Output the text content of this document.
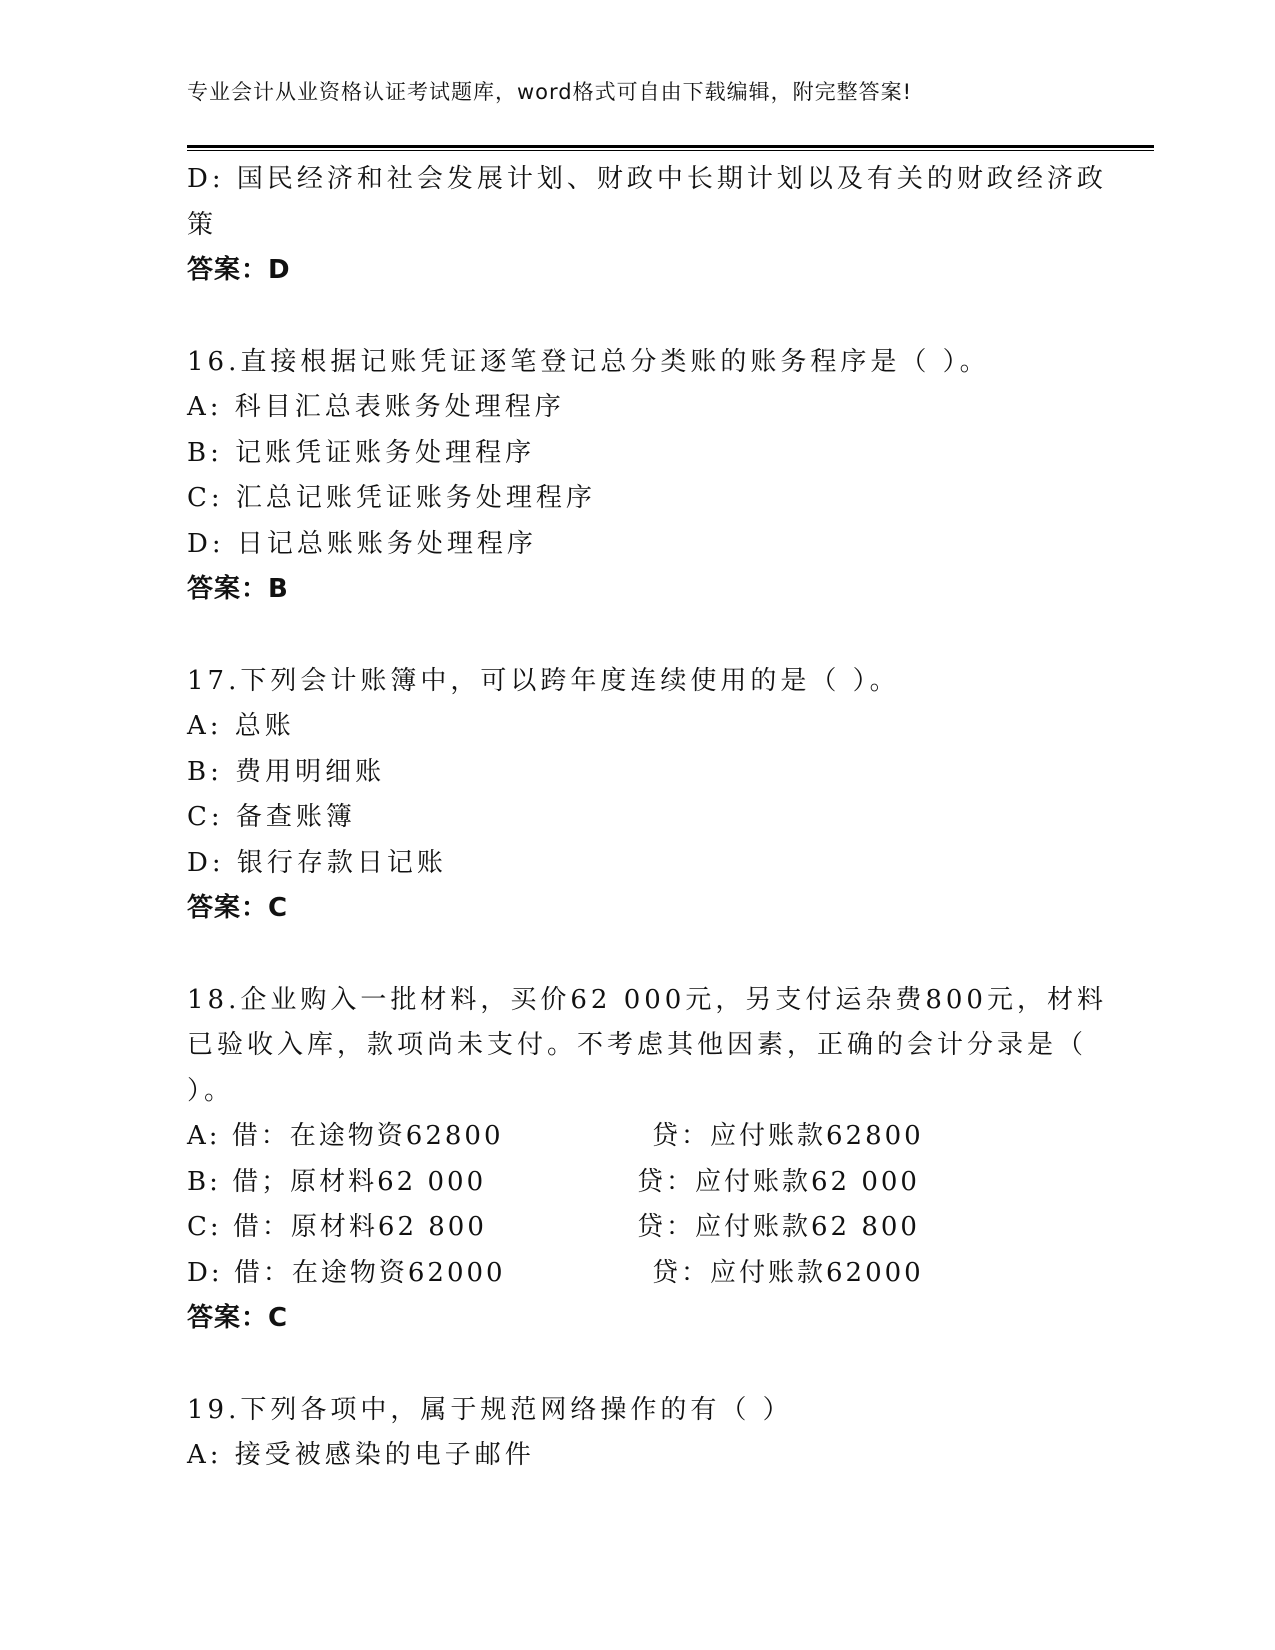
专业会计从业资格认证考试题库，word格式可自由下载编辑，附完整答案!
D: 国民经济和社会发展计划、财政中长期计划以及有关的财政经济政
策
答案：D
16.直接根据记账凭证逐笔登记总分类账的账务程序是（ ）。
A: 科目汇总表账务处理程序
B: 记账凭证账务处理程序
C: 汇总记账凭证账务处理程序
D: 日记总账账务处理程序
答案：B
17.下列会计账簿中，可以跨年度连续使用的是（ ）。
A: 总账
B: 费用明细账
C: 备查账簿
D: 银行存款日记账
答案：C
18.企业购入一批材料，买价62 000元，另支付运杂费800元，材料
已验收入库，款项尚未支付。不考虑其他因素，正确的会计分录是（
）。
A: 借：在途物资62800	贷：应付账款62800
B: 借；原材料62 000	贷：应付账款62 000
C: 借：原材料62 800	贷：应付账款62 800
D: 借：在途物资62000	贷：应付账款62000
答案：C
19.下列各项中，属于规范网络操作的有（ ）
A: 接受被感染的电子邮件
